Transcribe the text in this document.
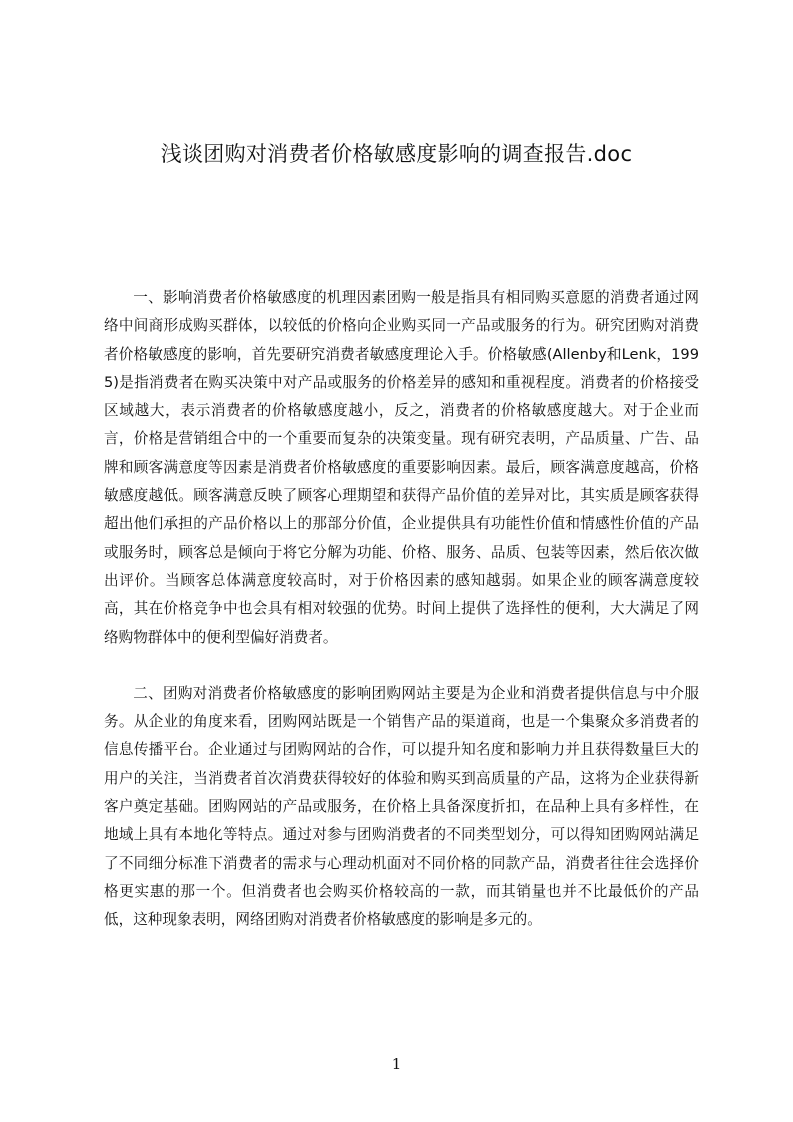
浅谈团购对消费者价格敏感度影响的调查报告.doc

一、影响消费者价格敏感度的机理因素团购一般是指具有相同购买意愿的消费者通过网络中间商形成购买群体，以较低的价格向企业购买同一产品或服务的行为。研究团购对消费者价格敏感度的影响，首先要研究消费者敏感度理论入手。价格敏感(Allenby和Lenk，1995)是指消费者在购买决策中对产品或服务的价格差异的感知和重视程度。消费者的价格接受区域越大，表示消费者的价格敏感度越小，反之，消费者的价格敏感度越大。对于企业而言，价格是营销组合中的一个重要而复杂的决策变量。现有研究表明，产品质量、广告、品牌和顾客满意度等因素是消费者价格敏感度的重要影响因素。最后，顾客满意度越高，价格敏感度越低。顾客满意反映了顾客心理期望和获得产品价值的差异对比，其实质是顾客获得超出他们承担的产品价格以上的那部分价值，企业提供具有功能性价值和情感性价值的产品或服务时，顾客总是倾向于将它分解为功能、价格、服务、品质、包装等因素，然后依次做出评价。当顾客总体满意度较高时，对于价格因素的感知越弱。如果企业的顾客满意度较高，其在价格竞争中也会具有相对较强的优势。时间上提供了选择性的便利，大大满足了网络购物群体中的便利型偏好消费者。

二、团购对消费者价格敏感度的影响团购网站主要是为企业和消费者提供信息与中介服务。从企业的角度来看，团购网站既是一个销售产品的渠道商，也是一个集聚众多消费者的信息传播平台。企业通过与团购网站的合作，可以提升知名度和影响力并且获得数量巨大的用户的关注，当消费者首次消费获得较好的体验和购买到高质量的产品，这将为企业获得新客户奠定基础。团购网站的产品或服务，在价格上具备深度折扣，在品种上具有多样性，在地域上具有本地化等特点。通过对参与团购消费者的不同类型划分，可以得知团购网站满足了不同细分标准下消费者的需求与心理动机面对不同价格的同款产品，消费者往往会选择价格更实惠的那一个。但消费者也会购买价格较高的一款，而其销量也并不比最低价的产品低，这种现象表明，网络团购对消费者价格敏感度的影响是多元的。

1
